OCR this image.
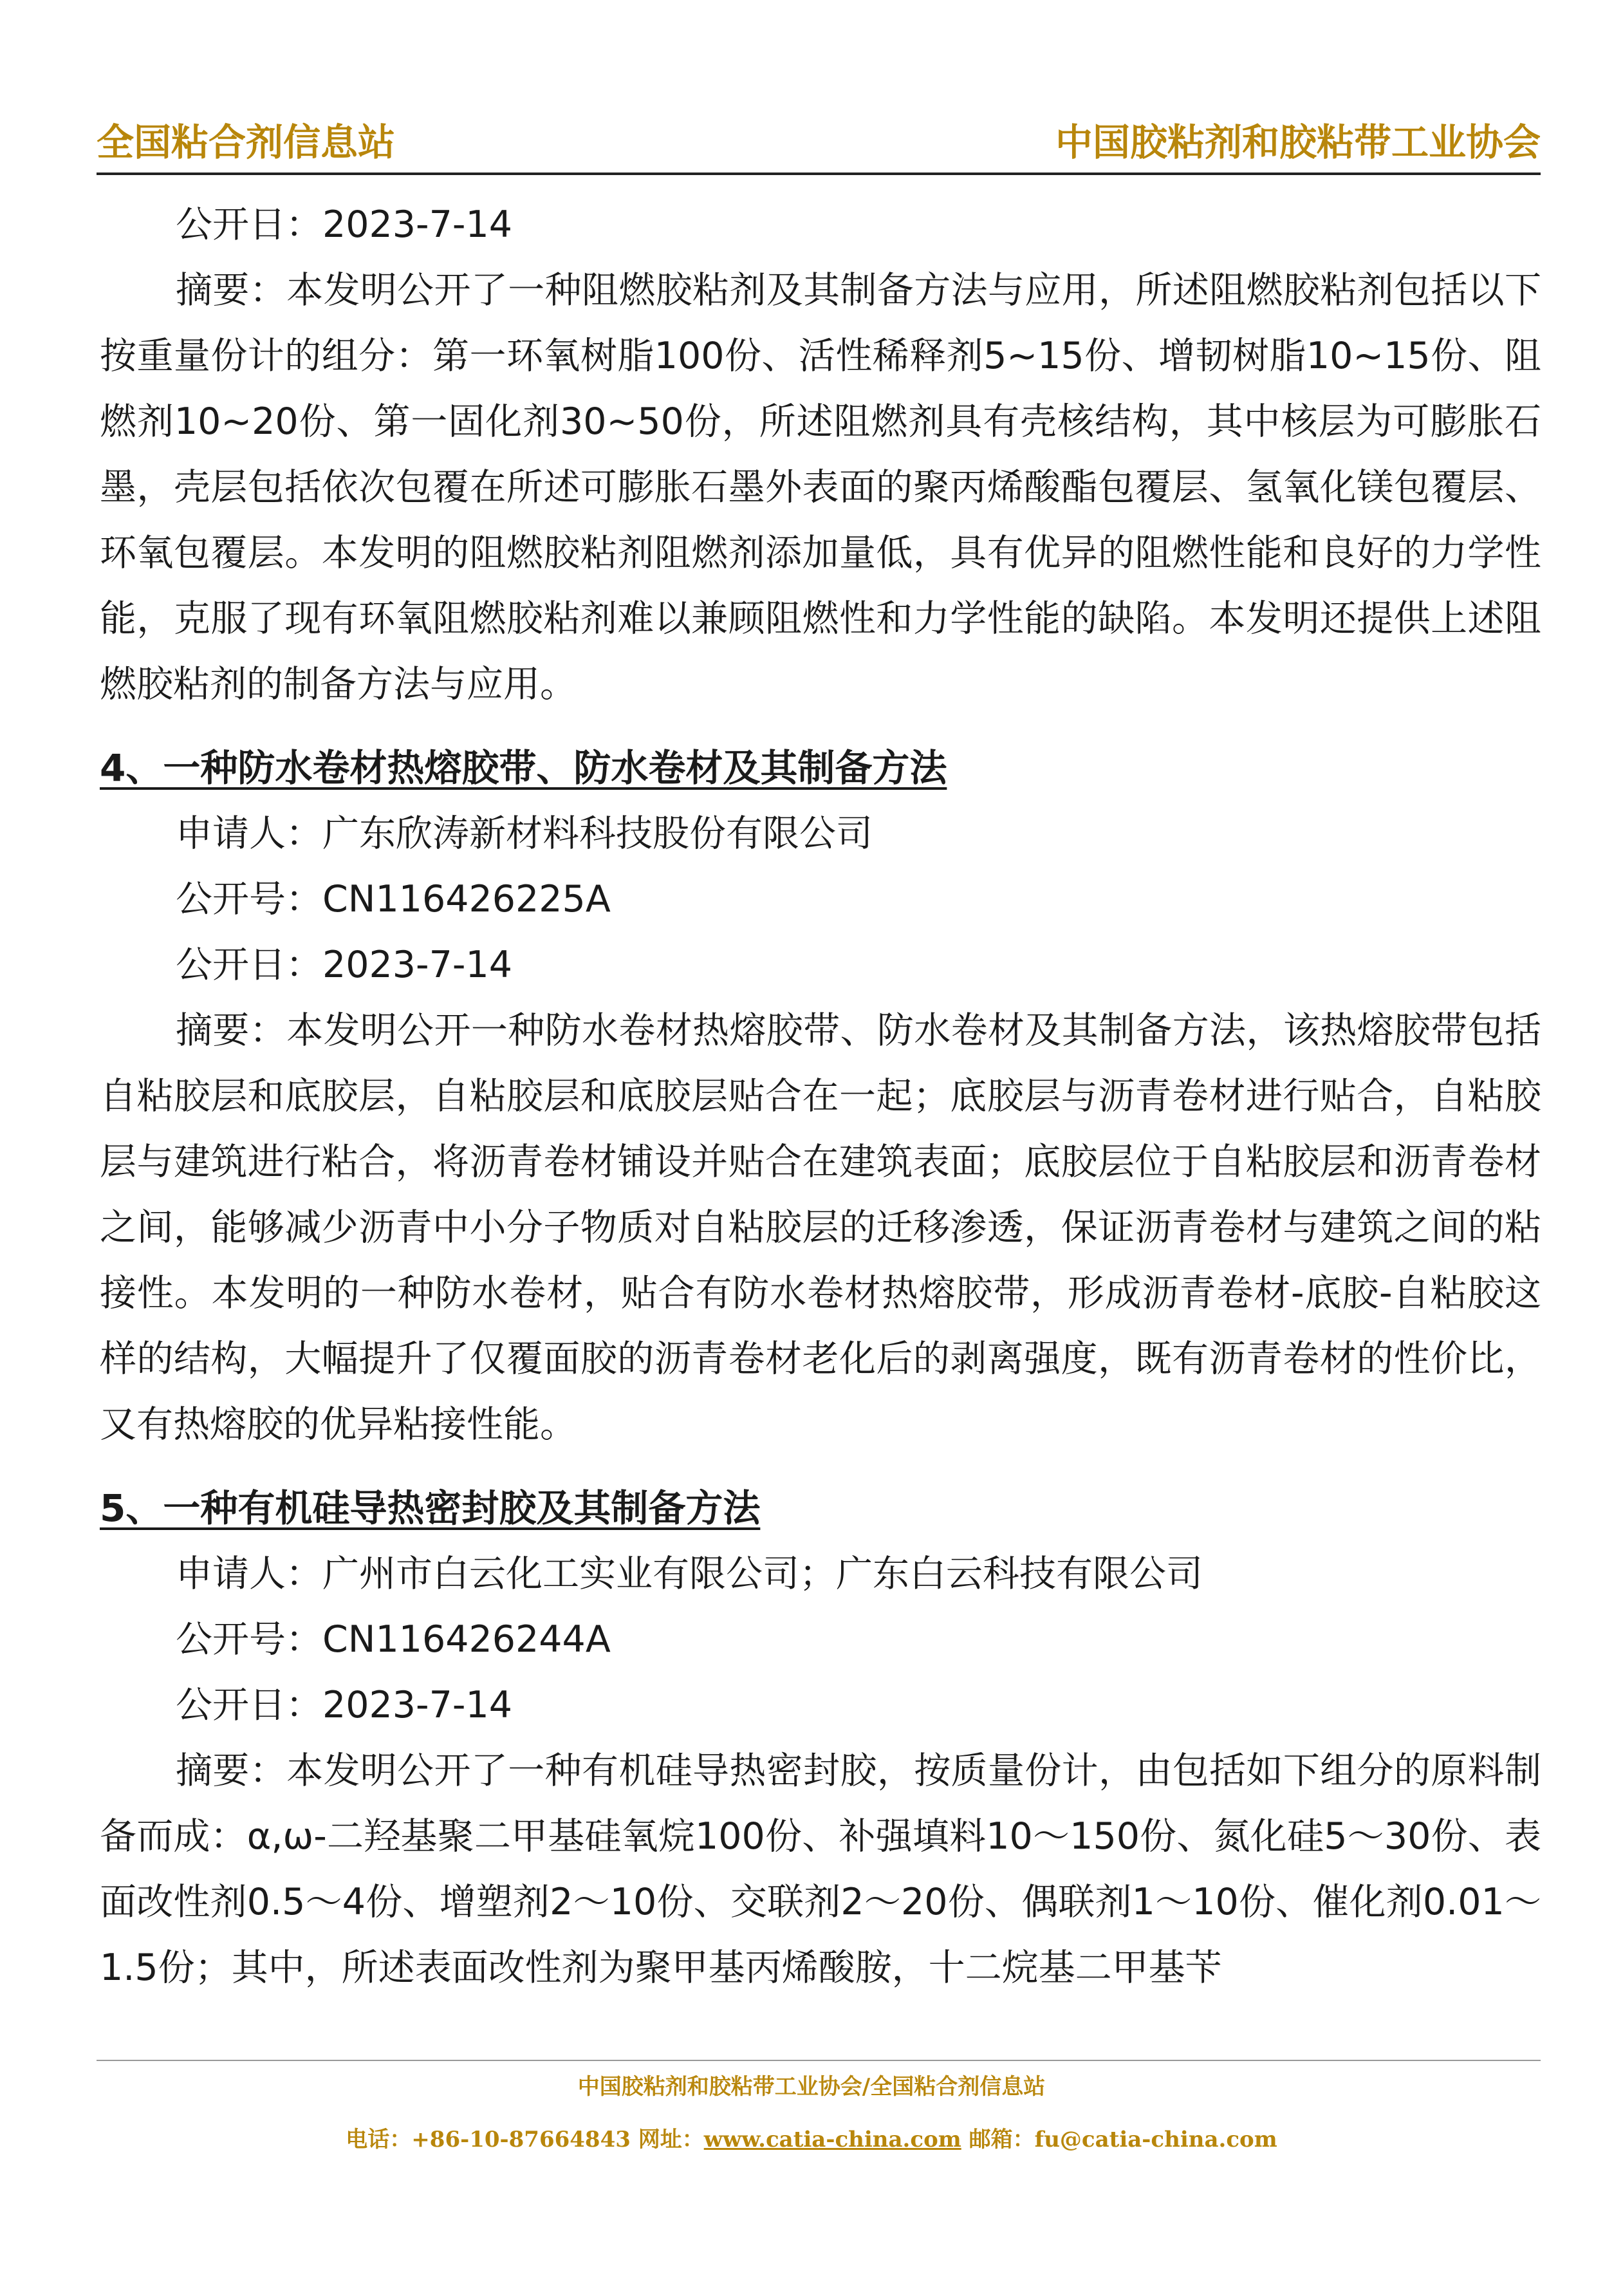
全国粘合剂信息站	中国胶粘剂和胶粘带工业协会

公开日：2023-7-14

摘要：本发明公开了一种阻燃胶粘剂及其制备方法与应用，所述阻燃胶粘剂包括以下按重量份计的组分：第一环氧树脂100份、活性稀释剂5~15份、增韧树脂10~15份、阻燃剂10~20份、第一固化剂30~50份，所述阻燃剂具有壳核结构，其中核层为可膨胀石墨，壳层包括依次包覆在所述可膨胀石墨外表面的聚丙烯酸酯包覆层、氢氧化镁包覆层、环氧包覆层。本发明的阻燃胶粘剂阻燃剂添加量低，具有优异的阻燃性能和良好的力学性能，克服了现有环氧阻燃胶粘剂难以兼顾阻燃性和力学性能的缺陷。本发明还提供上述阻燃胶粘剂的制备方法与应用。

4、一种防水卷材热熔胶带、防水卷材及其制备方法

申请人：广东欣涛新材料科技股份有限公司

公开号：CN116426225A

公开日：2023-7-14

摘要：本发明公开一种防水卷材热熔胶带、防水卷材及其制备方法，该热熔胶带包括自粘胶层和底胶层，自粘胶层和底胶层贴合在一起；底胶层与沥青卷材进行贴合，自粘胶层与建筑进行粘合，将沥青卷材铺设并贴合在建筑表面；底胶层位于自粘胶层和沥青卷材之间，能够减少沥青中小分子物质对自粘胶层的迁移渗透，保证沥青卷材与建筑之间的粘接性。本发明的一种防水卷材，贴合有防水卷材热熔胶带，形成沥青卷材-底胶-自粘胶这样的结构，大幅提升了仅覆面胶的沥青卷材老化后的剥离强度，既有沥青卷材的性价比，又有热熔胶的优异粘接性能。

5、一种有机硅导热密封胶及其制备方法

申请人：广州市白云化工实业有限公司；广东白云科技有限公司

公开号：CN116426244A

公开日：2023-7-14

摘要：本发明公开了一种有机硅导热密封胶，按质量份计，由包括如下组分的原料制备而成：α,ω-二羟基聚二甲基硅氧烷100份、补强填料10～150份、氮化硅5～30份、表面改性剂0.5～4份、增塑剂2～10份、交联剂2～20份、偶联剂1～10份、催化剂0.01～1.5份；其中，所述表面改性剂为聚甲基丙烯酸胺，十二烷基二甲基苄

中国胶粘剂和胶粘带工业协会/全国粘合剂信息站
电话：+86-10-87664843 网址：www.catia-china.com 邮箱：fu@catia-china.com
